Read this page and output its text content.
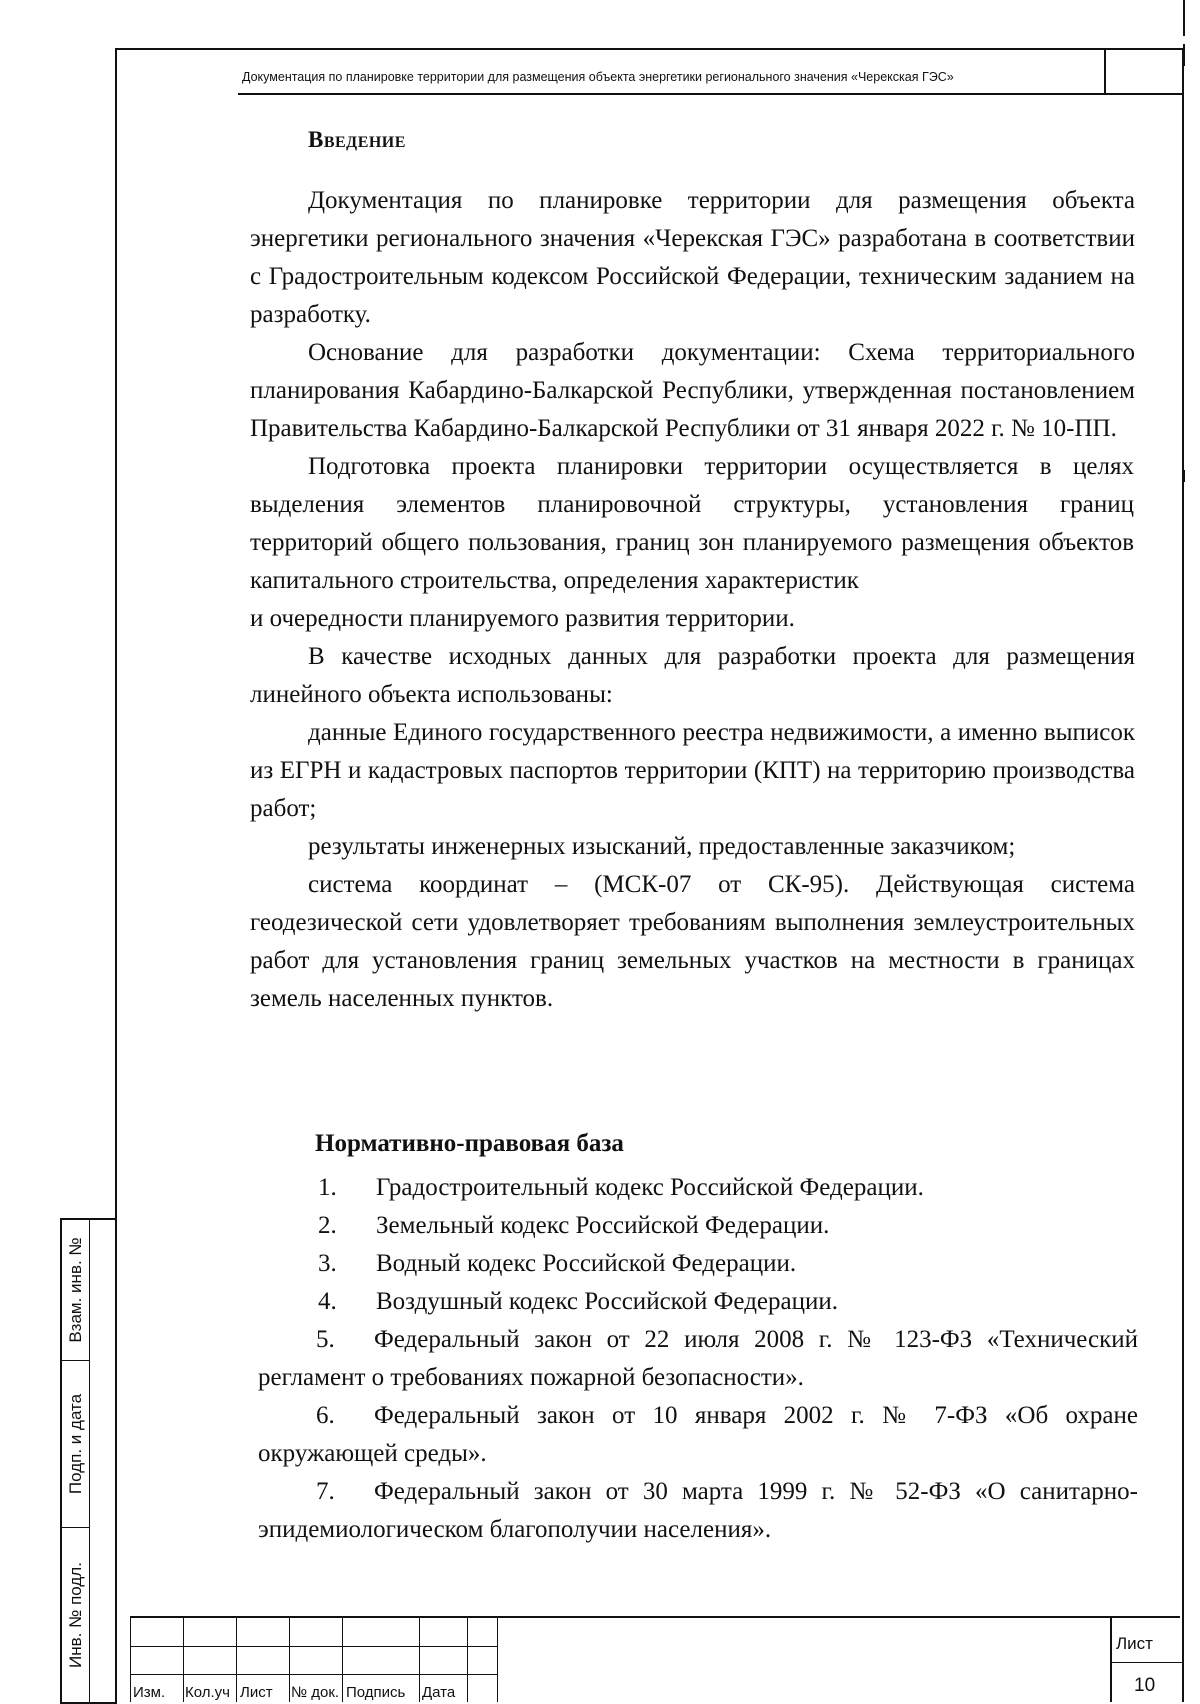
Документация по планировке территории для размещения объекта энергетики регионального значения «Черекская ГЭС»
Введение

Документация по планировке территории для размещения объекта энергетики регионального значения «Черекская ГЭС» разработана в соответствии с Градостроительным кодексом Российской Федерации, техническим заданием на разработку.

Основание для разработки документации: Схема территориального планирования Кабардино-Балкарской Республики, утвержденная постановлением Правительства Кабардино-Балкарской Республики от 31 января 2022 г. № 10-ПП.

Подготовка проекта планировки территории осуществляется в целях выделения элементов планировочной структуры, установления границ территорий общего пользования, границ зон планируемого размещения объектов капитального строительства, определения характеристик

и очередности планируемого развития территории.

В качестве исходных данных для разработки проекта для размещения линейного объекта использованы:

данные Единого государственного реестра недвижимости, а именно выписок из ЕГРН и кадастровых паспортов территории (КПТ) на территорию производства работ;

результаты инженерных изысканий, предоставленные заказчиком;

система координат – (МСК-07 от СК-95). Действующая система геодезической сети удовлетворяет требованиям выполнения землеустроительных работ для установления границ земельных участков на местности в границах земель населенных пунктов.

Нормативно-правовая база
1.	Градостроительный кодекс Российской Федерации.
2.	Земельный кодекс Российской Федерации.
3.	Водный кодекс Российской Федерации.
4.	Воздушный кодекс Российской Федерации.

5. Федеральный закон от 22 июля 2008 г. № 123-ФЗ «Технический регламент о требованиях пожарной безопасности».

6. Федеральный закон от 10 января 2002 г. № 7-ФЗ «Об охране окружающей среды».

7. Федеральный закон от 30 марта 1999 г. № 52-ФЗ «О санитарно-эпидемиологическом благополучии населения».

Взам. инв. №
Подп. и дата
Инв. № подл.
Изм. Кол.уч Лист № док. Подпись Дата
Лист
10
